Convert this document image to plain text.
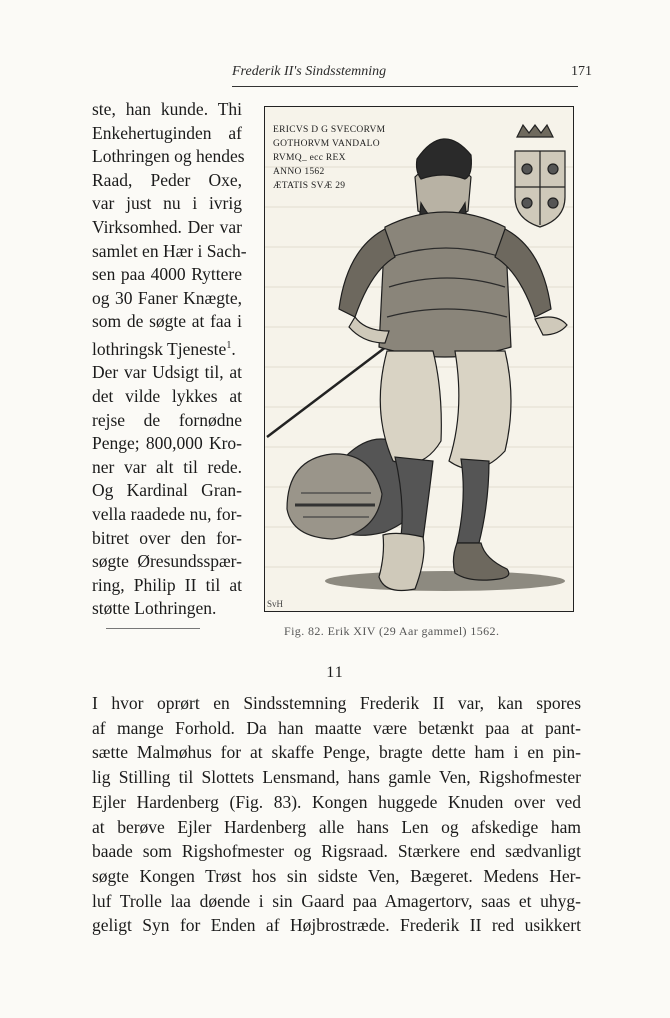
Frederik II's Sindsstemning	171
ste, han kunde. Thi
Enkehertuginden af
Lothringen og hendes
Raad, Peder Oxe,
var just nu i ivrig
Virksomhed. Der var
samlet en Hær i Sach-
sen paa 4000 Ryttere
og 30 Faner Knægte,
som de søgte at faa i
lothringsk Tjeneste$^1$.
Der var Udsigt til, at
det vilde lykkes at
rejse de fornødne
Penge; 800,000 Kro-
ner var alt til rede.
Og Kardinal Gran-
vella raadede nu, for-
bitret over den for-
søgte Øresundsspær-
ring, Philip II til at
støtte Lothringen.
ERICVS D G SVECORVM
GOTHORVM VANDALO
RVMQ_ ecc REX
ANNO 1562
ÆTATIS SVÆ 29
SvH
Fig. 82. Erik XIV (29 Aar gammel) 1562.
11
I hvor oprørt en Sindsstemning Frederik II var, kan spores
af mange Forhold. Da han maatte være betænkt paa at pant-
sætte Malmøhus for at skaffe Penge, bragte dette ham i en pin-
lig Stilling til Slottets Lensmand, hans gamle Ven, Rigshofmester
Ejler Hardenberg (Fig. 83). Kongen huggede Knuden over ved
at berøve Ejler Hardenberg alle hans Len og afskedige ham
baade som Rigshofmester og Rigsraad. Stærkere end sædvanligt
søgte Kongen Trøst hos sin sidste Ven, Bægeret. Medens Her-
luf Trolle laa døende i sin Gaard paa Amagertorv, saas et uhyg-
geligt Syn for Enden af Højbrostræde. Frederik II red usikkert
